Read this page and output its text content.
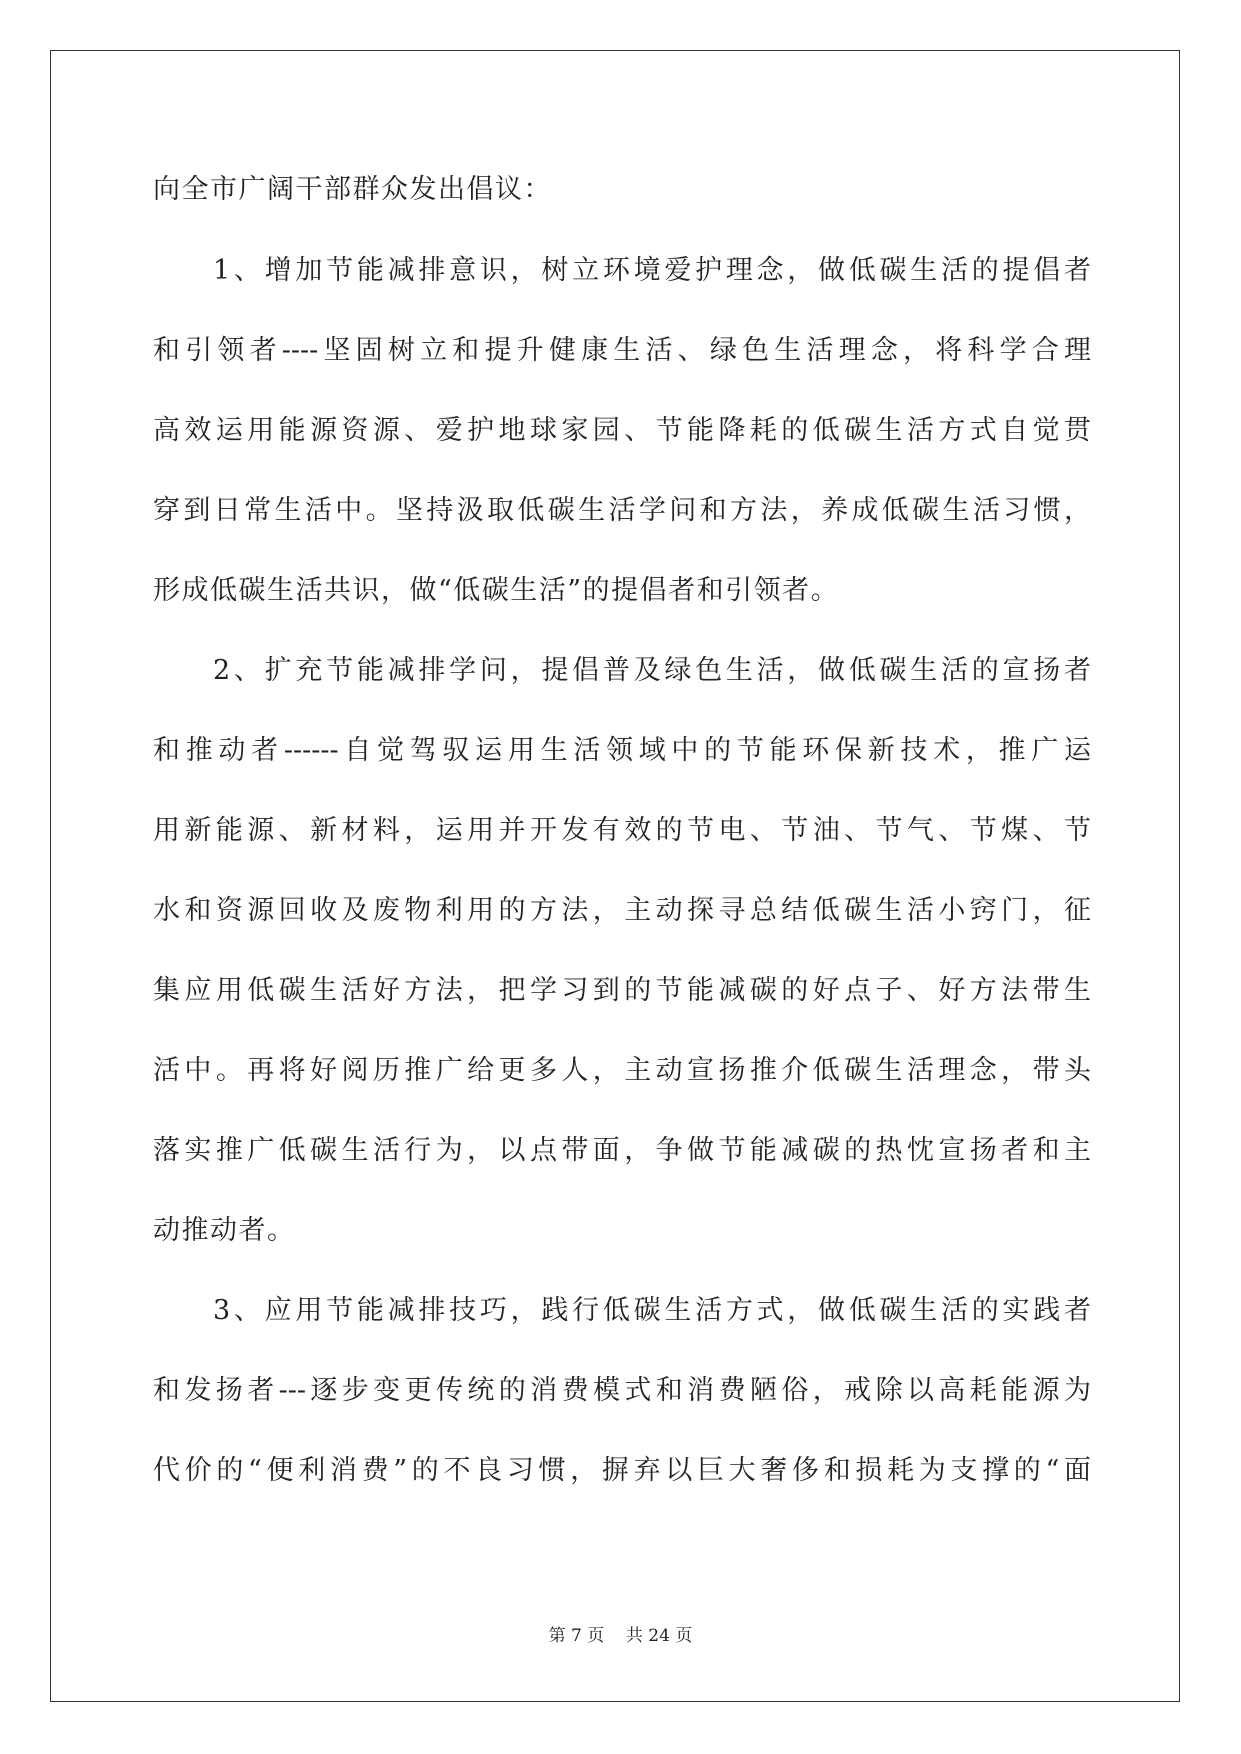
向全市广阔干部群众发出倡议：

1、增加节能减排意识，树立环境爱护理念，做低碳生活的提倡者

和引领者----坚固树立和提升健康生活、绿色生活理念，将科学合理

高效运用能源资源、爱护地球家园、节能降耗的低碳生活方式自觉贯

穿到日常生活中。坚持汲取低碳生活学问和方法，养成低碳生活习惯，

形成低碳生活共识，做“低碳生活”的提倡者和引领者。

2、扩充节能减排学问，提倡普及绿色生活，做低碳生活的宣扬者

和推动者------自觉驾驭运用生活领域中的节能环保新技术，推广运

用新能源、新材料，运用并开发有效的节电、节油、节气、节煤、节

水和资源回收及废物利用的方法，主动探寻总结低碳生活小窍门，征

集应用低碳生活好方法，把学习到的节能减碳的好点子、好方法带生

活中。再将好阅历推广给更多人，主动宣扬推介低碳生活理念，带头

落实推广低碳生活行为，以点带面，争做节能减碳的热忱宣扬者和主

动推动者。

3、应用节能减排技巧，践行低碳生活方式，做低碳生活的实践者

和发扬者---逐步变更传统的消费模式和消费陋俗，戒除以高耗能源为

代价的“便利消费”的不良习惯，摒弃以巨大奢侈和损耗为支撑的“面

第 7 页 共 24 页
